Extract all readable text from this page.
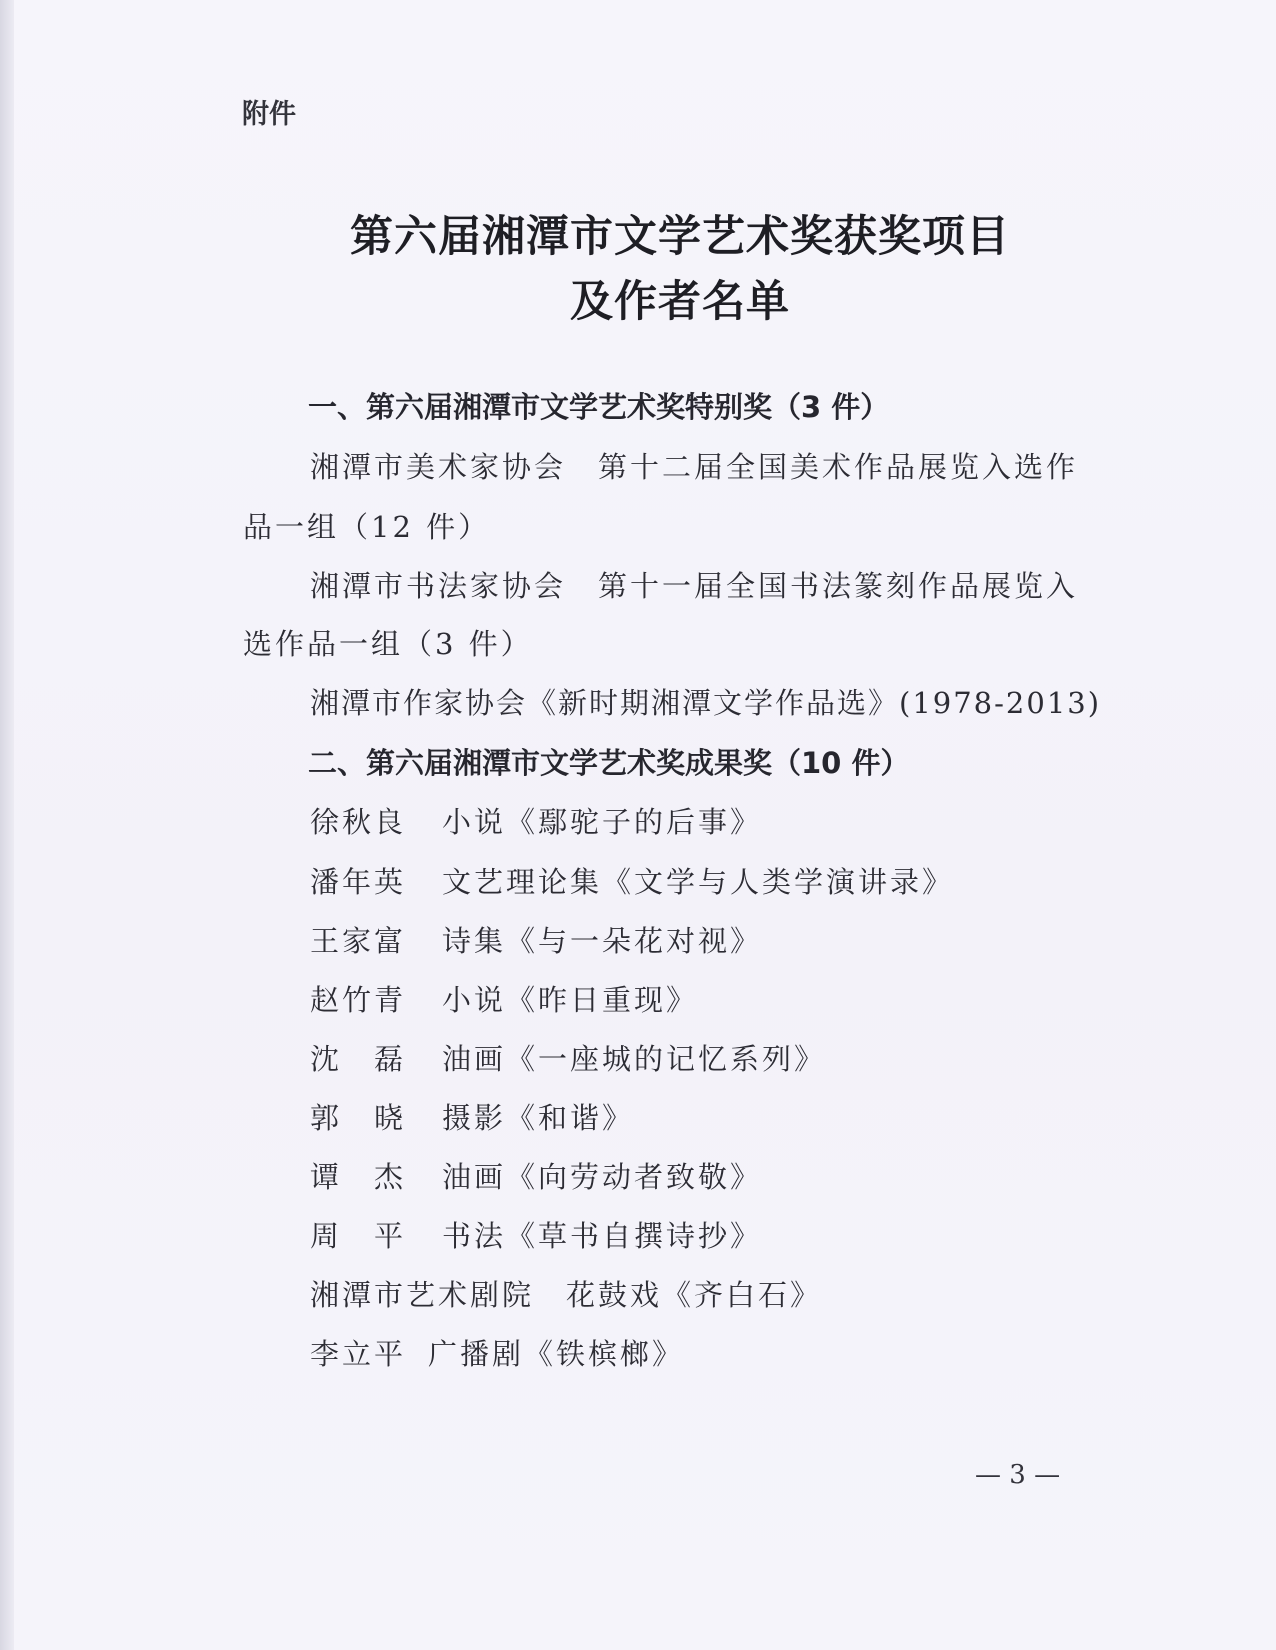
附件
第六届湘潭市文学艺术奖获奖项目
及作者名单
一、第六届湘潭市文学艺术奖特别奖（3 件）
湘潭市美术家协会　第十二届全国美术作品展览入选作
品一组（12 件）
湘潭市书法家协会　第十一届全国书法篆刻作品展览入
选作品一组（3 件）
湘潭市作家协会《新时期湘潭文学作品选》(1978-2013)
二、第六届湘潭市文学艺术奖成果奖（10 件）
徐秋良 小说《鄢驼子的后事》
潘年英 文艺理论集《文学与人类学演讲录》
王家富 诗集《与一朵花对视》
赵竹青 小说《昨日重现》
沈　磊 油画《一座城的记忆系列》
郭　晓 摄影《和谐》
谭　杰 油画《向劳动者致敬》
周　平 书法《草书自撰诗抄》
湘潭市艺术剧院　 花鼓戏《齐白石》
李立平 广播剧《铁槟榔》
— 3 —
